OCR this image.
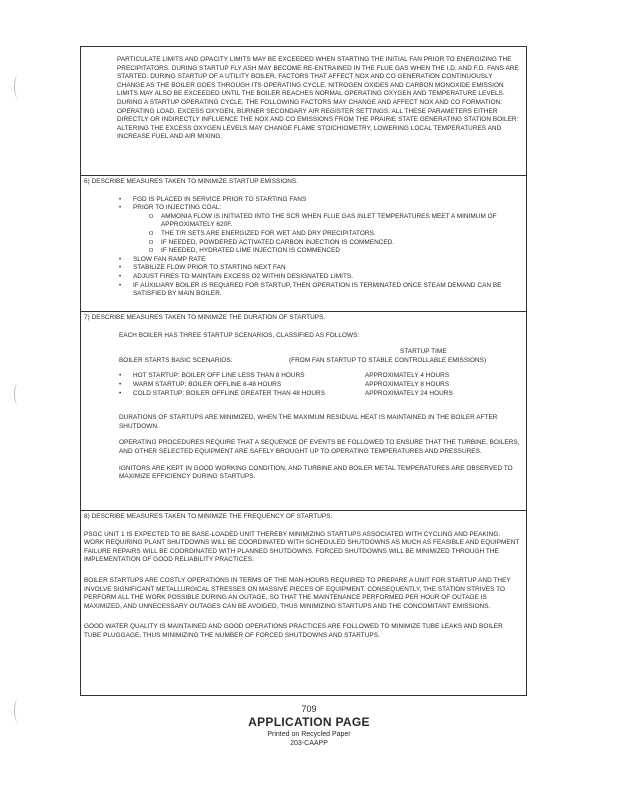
PARTICULATE LIMITS AND OPACITY LIMITS MAY BE EXCEEDED WHEN STARTING THE INITIAL FAN PRIOR TO ENERGIZING THE PRECIPITATORS. DURING STARTUP FLY ASH MAY BECOME RE-ENTRAINED IN THE FLUE GAS WHEN THE I.D. AND F.D. FANS ARE STARTED. DURING STARTUP OF A UTILITY BOILER, FACTORS THAT AFFECT NOX AND CO GENERATION CONTINUOUSLY CHANGE AS THE BOILER GOES THROUGH ITS OPERATING CYCLE. NITROGEN OXIDES AND CARBON MONOXIDE EMISSION LIMITS MAY ALSO BE EXCEEDED UNTIL THE BOILER REACHES NORMAL OPERATING OXYGEN AND TEMPERATURE LEVELS. DURING A STARTUP OPERATING CYCLE, THE FOLLOWING FACTORS MAY CHANGE AND AFFECT NOX AND CO FORMATION: OPERATING LOAD, EXCESS OXYGEN, BURNER SECONDARY AIR REGISTER SETTINGS. ALL THESE PARAMETERS EITHER DIRECTLY OR INDIRECTLY INFLUENCE THE NOX AND CO EMISSIONS FROM THE PRAIRIE STATE GENERATING STATION BOILER: ALTERING THE EXCESS OXYGEN LEVELS MAY CHANGE FLAME STOICHIOMETRY, LOWERING LOCAL TEMPERATURES AND INCREASE FUEL AND AIR MIXING.

6) DESCRIBE MEASURES TAKEN TO MINIMIZE STARTUP EMISSIONS.

• FGD IS PLACED IN SERVICE PRIOR TO STARTING FANS
• PRIOR TO INJECTING COAL:
O AMMONIA FLOW IS INITIATED INTO THE SCR WHEN FLUE GAS INLET TEMPERATURES MEET A MINIMUM OF APPROXIMATELY 620F.
O THE T/R SETS ARE ENERGIZED FOR WET AND DRY PRECIPITATORS.
O IF NEEDED, POWDERED ACTIVATED CARBON INJECTION IS COMMENCED.
O IF NEEDED, HYDRATED LIME INJECTION IS COMMENCED
• SLOW FAN RAMP RATE
• STABILIZE FLOW PRIOR TO STARTING NEXT FAN
• ADJUST FIRES TO MAINTAIN EXCESS O2 WITHIN DESIGNATED LIMITS.
• IF AUXILIARY BOILER IS REQUIRED FOR STARTUP, THEN OPERATION IS TERMINATED ONCE STEAM DEMAND CAN BE SATISFIED BY MAIN BOILER.

7) DESCRIBE MEASURES TAKEN TO MINIMIZE THE DURATION OF STARTUPS.

EACH BOILER HAS THREE STARTUP SCENARIOS, CLASSIFIED AS FOLLOWS:

STARTUP TIME

BOILER STARTS BASIC SCENARIOS:	(FROM FAN STARTUP TO STABLE CONTROLLABLE EMISSIONS)
•	HOT STARTUP: BOILER OFF LINE LESS THAN 8 HOURS	APPROXIMATELY 4 HOURS
•	WARM STARTUP: BOILER OFFLINE 8-48 HOURS	APPROXIMATELY 8 HOURS
•	COLD STARTUP: BOILER OFFLINE GREATER THAN 48 HOURS	APPROXIMATELY 24 HOURS

DURATIONS OF STARTUPS ARE MINIMIZED, WHEN THE MAXIMUM RESIDUAL HEAT IS MAINTAINED IN THE BOILER AFTER SHUTDOWN.

OPERATING PROCEDURES REQUIRE THAT A SEQUENCE OF EVENTS BE FOLLOWED TO ENSURE THAT THE TURBINE, BOILERS, AND OTHER SELECTED EQUIPMENT ARE SAFELY BROUGHT UP TO OPERATING TEMPERATURES AND PRESSURES.

IGNITORS ARE KEPT IN GOOD WORKING CONDITION, AND TURBINE AND BOILER METAL TEMPERATURES ARE OBSERVED TO MAXIMIZE EFFICIENCY DURING STARTUPS.

8) DESCRIBE MEASURES TAKEN TO MINIMIZE THE FREQUENCY OF STARTUPS.

PSGC UNIT 1 IS EXPECTED TO BE BASE-LOADED UNIT THEREBY MINIMIZING STARTUPS ASSOCIATED WITH CYCLING AND PEAKING. WORK REQUIRING PLANT SHUTDOWNS WILL BE COORDINATED WITH SCHEDULED SHUTDOWNS AS MUCH AS FEASIBLE AND EQUIPMENT FAILURE REPAIRS WILL BE COORDINATED WITH PLANNED SHUTDOWNS. FORCED SHUTDOWNS WILL BE MINIMIZED THROUGH THE IMPLEMENTATION OF GOOD RELIABILITY PRACTICES.

BOILER STARTUPS ARE COSTLY OPERATIONS IN TERMS OF THE MAN-HOURS REQUIRED TO PREPARE A UNIT FOR STARTUP AND THEY INVOLVE SIGNIFICANT METALLURGICAL STRESSES ON MASSIVE PIECES OF EQUIPMENT. CONSEQUENTLY, THE STATION STRIVES TO PERFORM ALL THE WORK POSSIBLE DURING AN OUTAGE, SO THAT THE MAINTENANCE PERFORMED PER HOUR OF OUTAGE IS MAXIMIZED, AND UNNECESSARY OUTAGES CAN BE AVOIDED, THUS MINIMIZING STARTUPS AND THE CONCOMITANT EMISSIONS.

GOOD WATER QUALITY IS MAINTAINED AND GOOD OPERATIONS PRACTICES ARE FOLLOWED TO MINIMIZE TUBE LEAKS AND BOILER TUBE PLUGGAGE, THUS MINIMIZING THE NUMBER OF FORCED SHUTDOWNS AND STARTUPS.

709
APPLICATION PAGE
Printed on Recycled Paper
203-CAAPP
